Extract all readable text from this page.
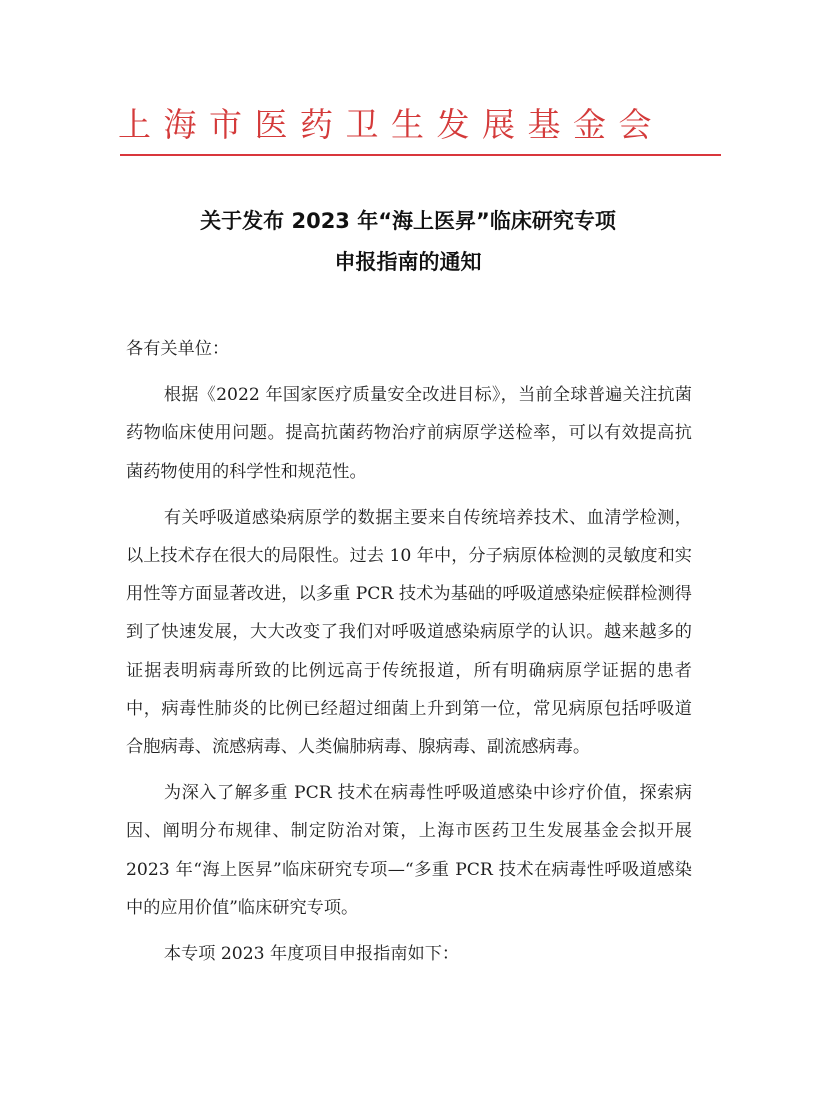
上海市医药卫生发展基金会
关于发布 2023 年“海上医昇”临床研究专项
申报指南的通知

各有关单位：

根据《2022 年国家医疗质量安全改进目标》，当前全球普遍关注抗菌药物临床使用问题。提高抗菌药物治疗前病原学送检率，可以有效提高抗菌药物使用的科学性和规范性。

有关呼吸道感染病原学的数据主要来自传统培养技术、血清学检测，以上技术存在很大的局限性。过去 10 年中，分子病原体检测的灵敏度和实用性等方面显著改进，以多重 PCR 技术为基础的呼吸道感染症候群检测得到了快速发展，大大改变了我们对呼吸道感染病原学的认识。越来越多的证据表明病毒所致的比例远高于传统报道，所有明确病原学证据的患者中，病毒性肺炎的比例已经超过细菌上升到第一位，常见病原包括呼吸道合胞病毒、流感病毒、人类偏肺病毒、腺病毒、副流感病毒。

为深入了解多重 PCR 技术在病毒性呼吸道感染中诊疗价值，探索病因、阐明分布规律、制定防治对策，上海市医药卫生发展基金会拟开展 2023 年“海上医昇”临床研究专项—“多重 PCR 技术在病毒性呼吸道感染中的应用价值”临床研究专项。

本专项 2023 年度项目申报指南如下：
